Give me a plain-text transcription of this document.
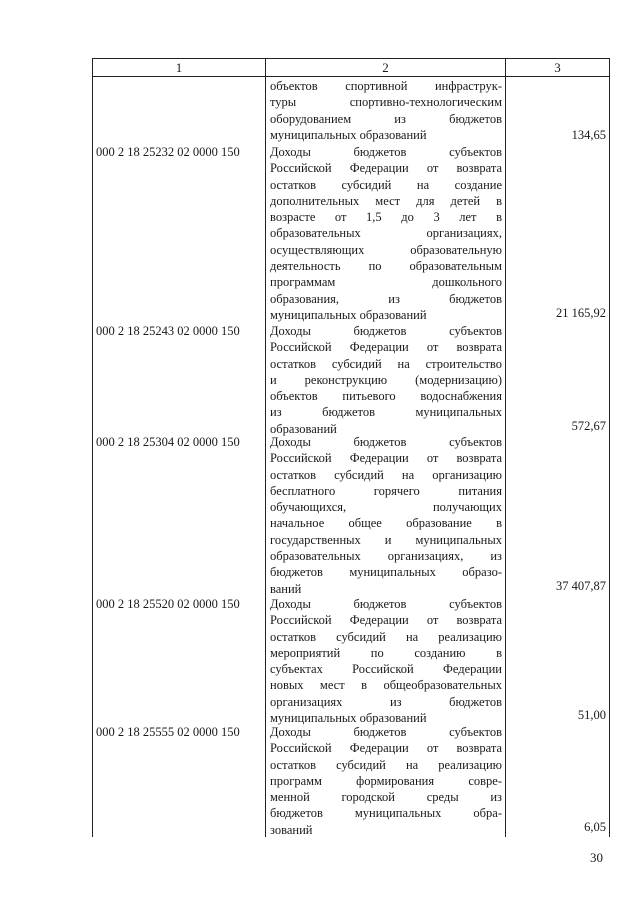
1	2	3
объектов спортивной инфраструк-
туры спортивно-технологическим
оборудованием из бюджетов
муниципальных образований	134,65
000 2 18 25232 02 0000 150	Доходы бюджетов субъектов
Российской Федерации от возврата
остатков субсидий на создание
дополнительных мест для детей в
возрасте от 1,5 до 3 лет в
образовательных организациях,
осуществляющих образовательную
деятельность по образовательным
программам дошкольного
образования, из бюджетов
муниципальных образований	21 165,92
000 2 18 25243 02 0000 150	Доходы бюджетов субъектов
Российской Федерации от возврата
остатков субсидий на строительство
и реконструкцию (модернизацию)
объектов питьевого водоснабжения
из бюджетов муниципальных
образований	572,67
000 2 18 25304 02 0000 150	Доходы бюджетов субъектов
Российской Федерации от возврата
остатков субсидий на организацию
бесплатного горячего питания
обучающихся, получающих
начальное общее образование в
государственных и муниципальных
образовательных организациях, из
бюджетов муниципальных образо-
ваний	37 407,87
000 2 18 25520 02 0000 150	Доходы бюджетов субъектов
Российской Федерации от возврата
остатков субсидий на реализацию
мероприятий по созданию в
субъектах Российской Федерации
новых мест в общеобразовательных
организациях из бюджетов
муниципальных образований	51,00
000 2 18 25555 02 0000 150	Доходы бюджетов субъектов
Российской Федерации от возврата
остатков субсидий на реализацию
программ формирования совре-
менной городской среды из
бюджетов муниципальных обра-
зований	6,05
30
